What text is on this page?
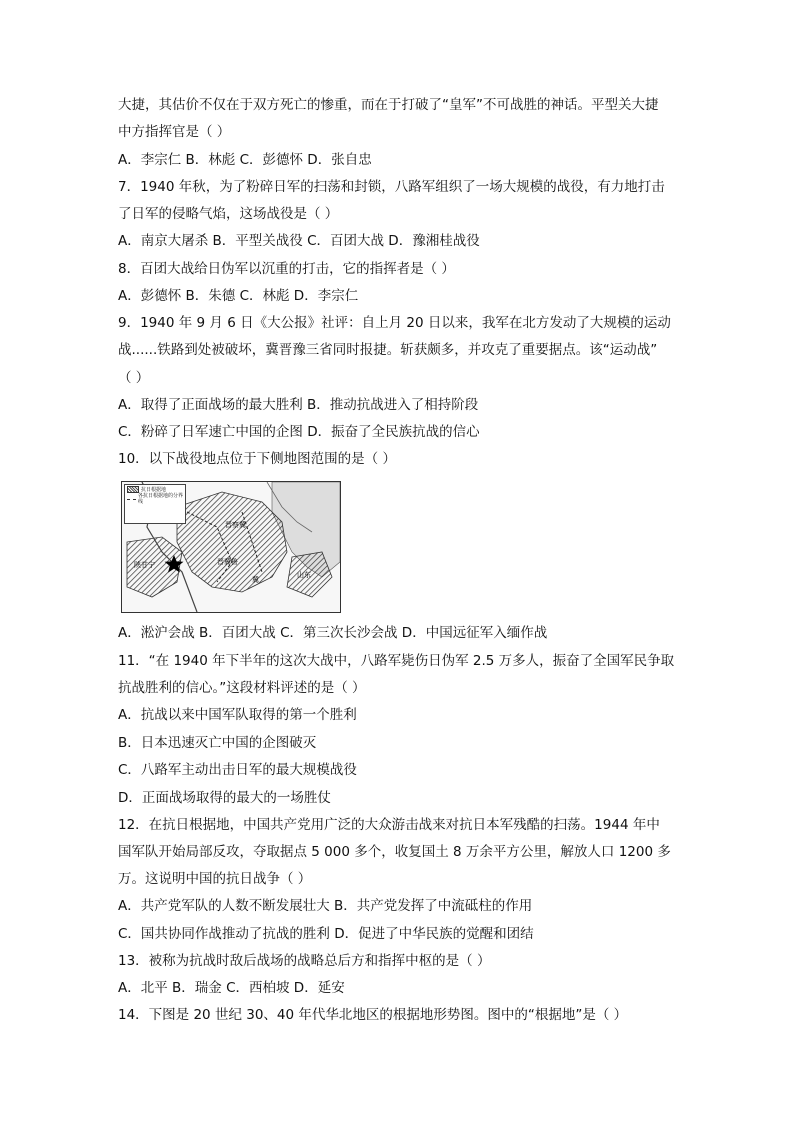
大捷，其估价不仅在于双方死亡的惨重，而在于打破了“皇军”不可战胜的神话。平型关大捷
中方指挥官是（ ）
A．李宗仁 B．林彪 C．彭德怀 D．张自忠
7．1940 年秋，为了粉碎日军的扫荡和封锁，八路军组织了一场大规模的战役，有力地打击
了日军的侵略气焰，这场战役是（ ）
A．南京大屠杀 B．平型关战役 C．百团大战 D．豫湘桂战役
8．百团大战给日伪军以沉重的打击，它的指挥者是（ ）
A．彭德怀 B．朱德 C．林彪 D．李宗仁
9．1940 年 9 月 6 日《大公报》社评：自上月 20 日以来，我军在北方发动了大规模的运动
战......铁路到处被破坏，冀晋豫三省同时报捷。斩获颇多，并攻克了重要据点。该“运动战”
（ ）
A．取得了正面战场的最大胜利 B．推动抗战进入了相持阶段
C．粉碎了日军速亡中国的企图 D．振奋了全民族抗战的信心
10．以下战役地点位于下侧地图范围的是（ ）
晋察冀
晋冀鲁
陕甘宁
山东
冀
抗日根据地
各抗日根据地的分界线
A．淞沪会战 B．百团大战 C．第三次长沙会战 D．中国远征军入缅作战
11．“在 1940 年下半年的这次大战中，八路军毙伤日伪军 2.5 万多人，振奋了全国军民争取
抗战胜利的信心。”这段材料评述的是（ ）
A．抗战以来中国军队取得的第一个胜利
B．日本迅速灭亡中国的企图破灭
C．八路军主动出击日军的最大规模战役
D．正面战场取得的最大的一场胜仗
12．在抗日根据地，中国共产党用广泛的大众游击战来对抗日本军残酷的扫荡。1944 年中
国军队开始局部反攻，夺取据点 5 000 多个，收复国土 8 万余平方公里，解放人口 1200 多
万。这说明中国的抗日战争（ ）
A．共产党军队的人数不断发展壮大 B．共产党发挥了中流砥柱的作用
C．国共协同作战推动了抗战的胜利 D．促进了中华民族的觉醒和团结
13．被称为抗战时敌后战场的战略总后方和指挥中枢的是（ ）
A．北平 B．瑞金 C．西柏坡 D．延安
14．下图是 20 世纪 30、40 年代华北地区的根据地形势图。图中的“根据地”是（ ）
